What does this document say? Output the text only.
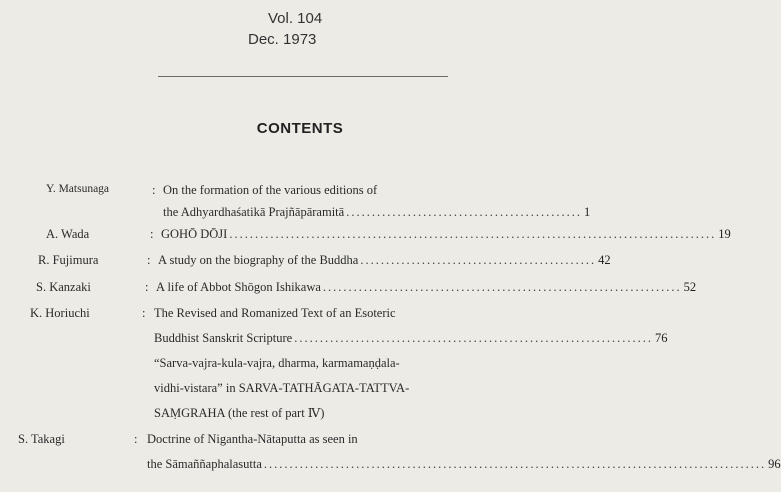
Vol. 104
Dec. 1973
CONTENTS
Y. Matsunaga	: On the formation of the various editions of
the Adhyardhaśatikā Prajñāpāramitā .............................................. 1
A. Wada	: GOHŌ DŌJI ............................................................................................... 19
R. Fujimura	: A study on the biography of the Buddha .............................................. 42
S. Kanzaki	: A life of Abbot Shōgon Ishikawa ...................................................................... 52
K. Horiuchi	: The Revised and Romanized Text of an Esoteric
Buddhist Sanskrit Scripture ...................................................................... 76
“Sarva-vajra-kula-vajra, dharma, karmamaṇḍala-
vidhi-vistara” in SARVA-TATHĀGATA-TATTVA-
SAṂGRAHA (the rest of part Ⅳ)
S. Takagi	: Doctrine of Nigantha-Nātaputta as seen in
the Sāmaññaphalasutta .................................................................................................. 96
